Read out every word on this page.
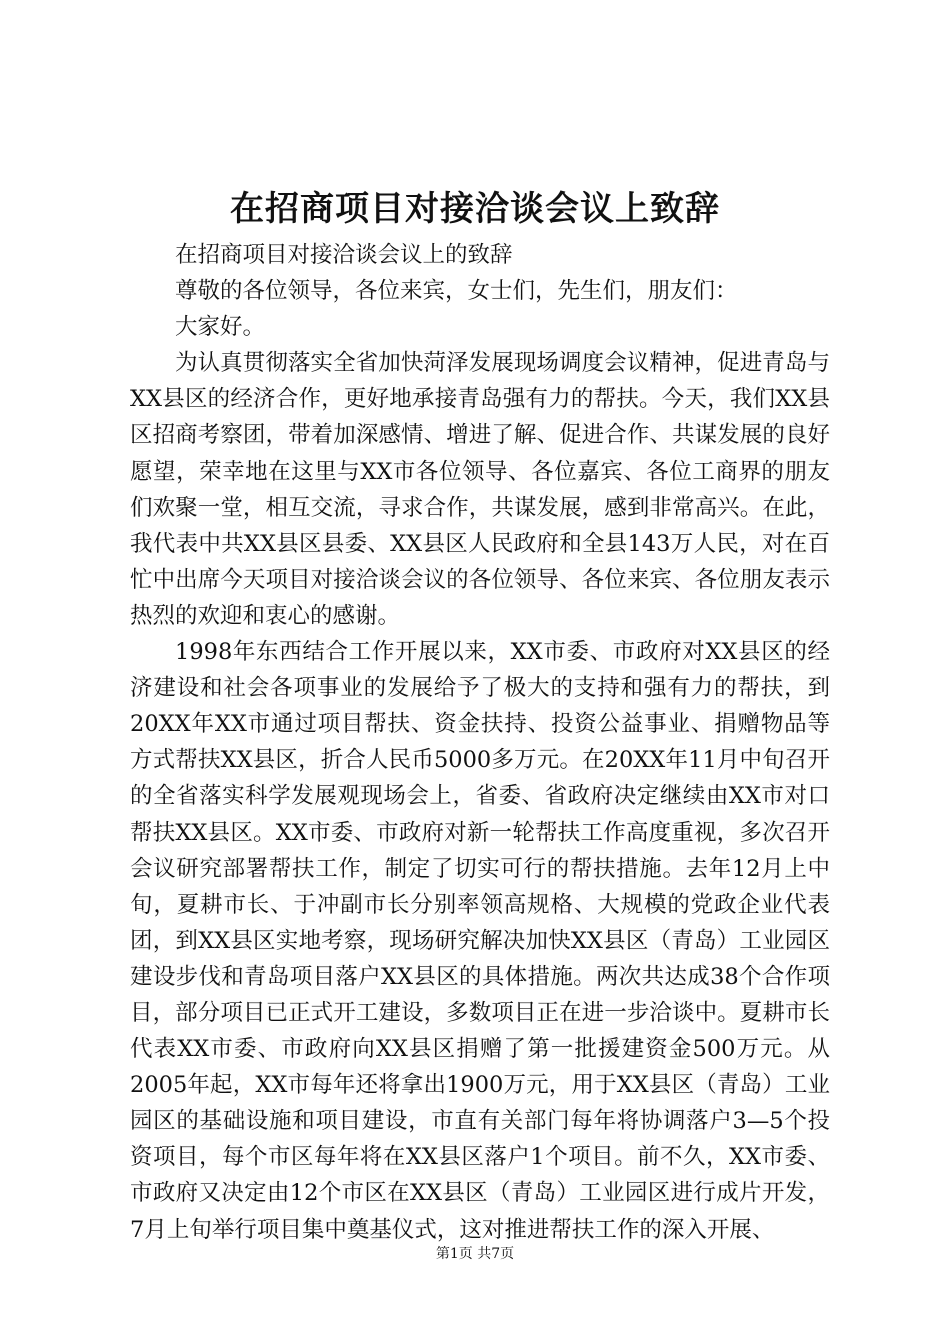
在招商项目对接洽谈会议上致辞

在招商项目对接洽谈会议上的致辞

尊敬的各位领导，各位来宾，女士们，先生们，朋友们：

大家好。

为认真贯彻落实全省加快菏泽发展现场调度会议精神，促进青岛与XX县区的经济合作，更好地承接青岛强有力的帮扶。今天，我们XX县区招商考察团，带着加深感情、增进了解、促进合作、共谋发展的良好愿望，荣幸地在这里与XX市各位领导、各位嘉宾、各位工商界的朋友们欢聚一堂，相互交流，寻求合作，共谋发展，感到非常高兴。在此，我代表中共XX县区县委、XX县区人民政府和全县143万人民，对在百忙中出席今天项目对接洽谈会议的各位领导、各位来宾、各位朋友表示热烈的欢迎和衷心的感谢。

1998年东西结合工作开展以来，XX市委、市政府对XX县区的经济建设和社会各项事业的发展给予了极大的支持和强有力的帮扶，到20XX年XX市通过项目帮扶、资金扶持、投资公益事业、捐赠物品等方式帮扶XX县区，折合人民币5000多万元。在20XX年11月中旬召开的全省落实科学发展观现场会上，省委、省政府决定继续由XX市对口帮扶XX县区。XX市委、市政府对新一轮帮扶工作高度重视，多次召开会议研究部署帮扶工作，制定了切实可行的帮扶措施。去年12月上中旬，夏耕市长、于冲副市长分别率领高规格、大规模的党政企业代表团，到XX县区实地考察，现场研究解决加快XX县区（青岛）工业园区建设步伐和青岛项目落户XX县区的具体措施。两次共达成38个合作项目，部分项目已正式开工建设，多数项目正在进一步洽谈中。夏耕市长代表XX市委、市政府向XX县区捐赠了第一批援建资金500万元。从2005年起，XX市每年还将拿出1900万元，用于XX县区（青岛）工业园区的基础设施和项目建设，市直有关部门每年将协调落户3—5个投资项目，每个市区每年将在XX县区落户1个项目。前不久，XX市委、市政府又决定由12个市区在XX县区（青岛）工业园区进行成片开发，7月上旬举行项目集中奠基仪式，这对推进帮扶工作的深入开展、

第1页 共7页
